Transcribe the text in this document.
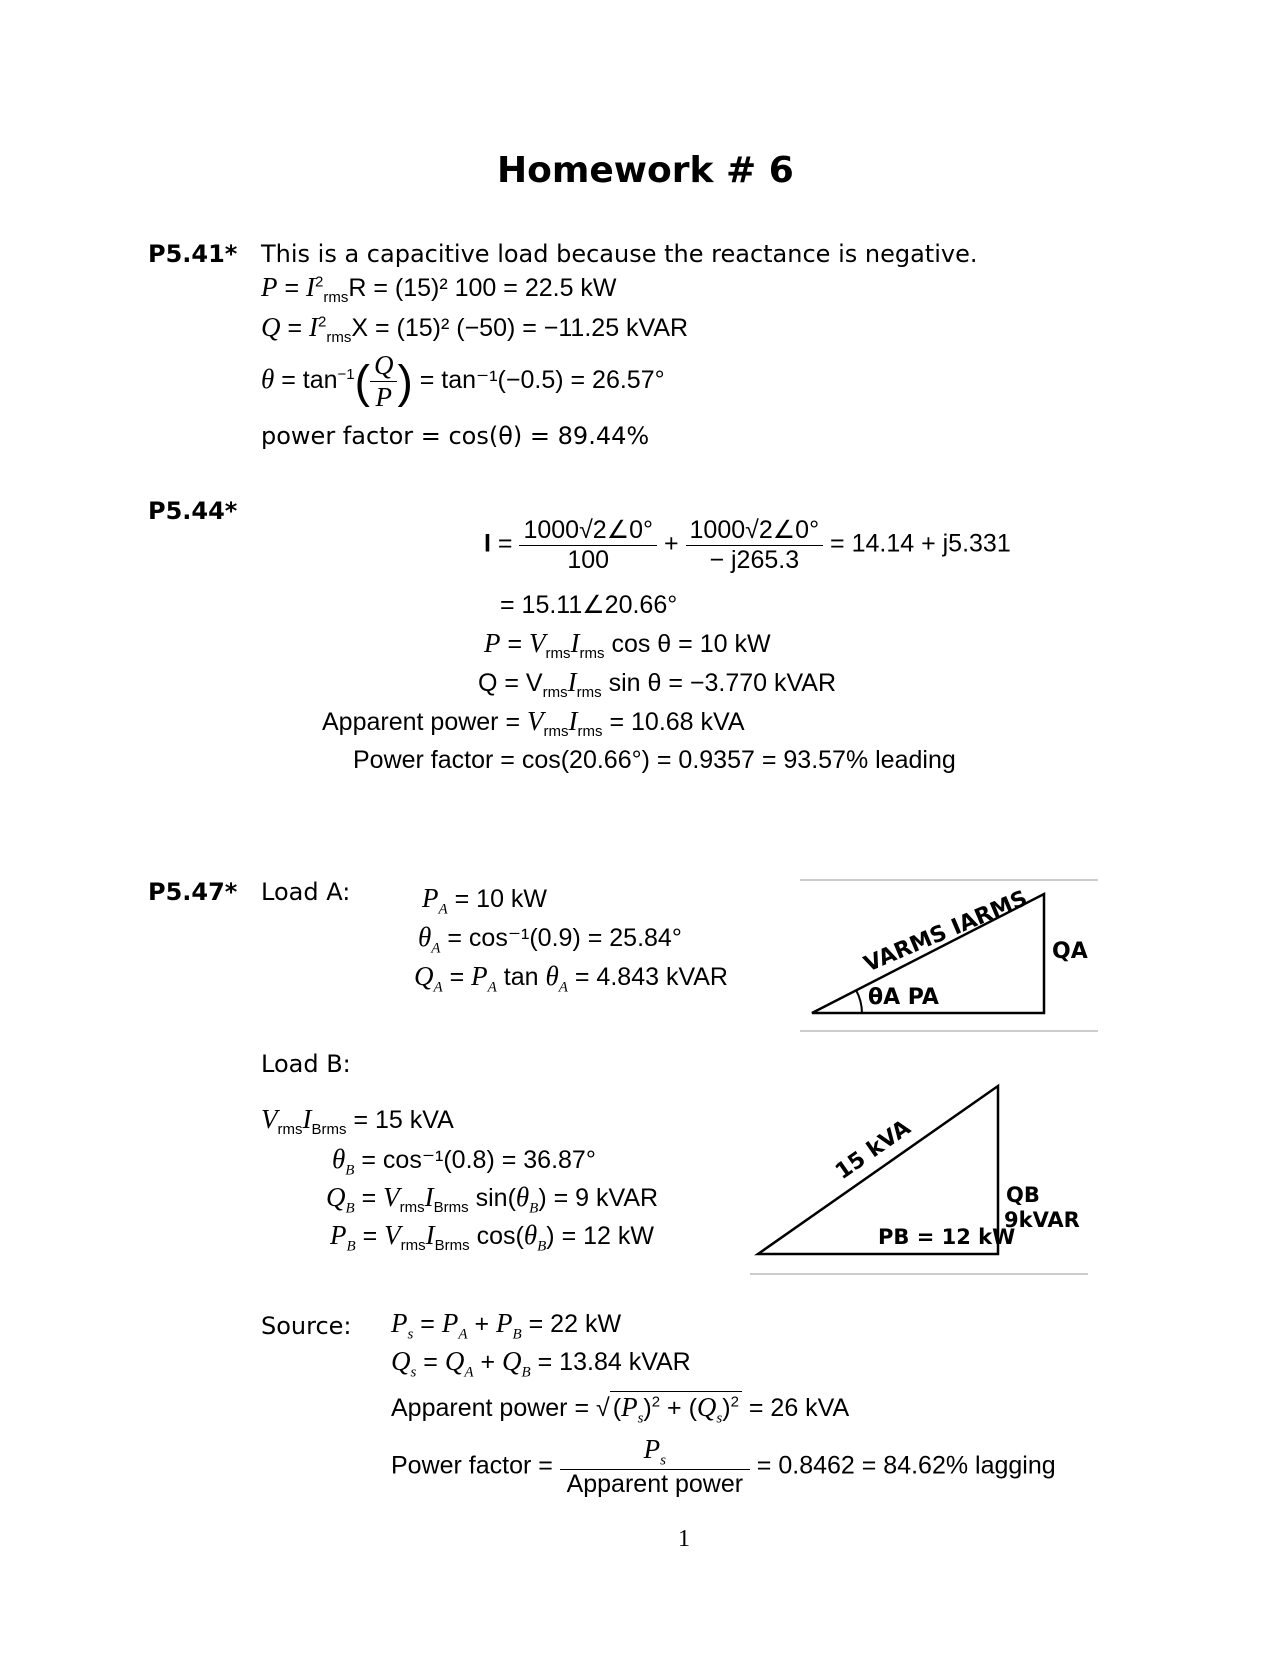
Homework # 6
P5.41* This is a capacitive load because the reactance is negative.
$P = I^2_{rms}R = (15)^2$ 100 = 22.5 kW
$Q = I^2_{rms}X = (15)^2$ (−50) = −11.25 kVAR
$\theta = \tan^{-1}( \frac{Q}{P}$ ) = tan⁻¹(−0.5) = 26.57°
power factor = cos(θ) = 89.44%
P5.44*
$I = \frac{1000√2\angle 0^\circ}{100} + \frac{1000√2\angle 0^\circ}{- j265.3} = 14.14 + j5.331$
= 15.11∠20.66°
$P = V_{rms}I_{rms}$ cos θ = 10 kW
$Q = V_{rms}I_{rms}$ sin θ = −3.770 kVAR
Apparent power = $V_{rms}I_{rms} = 10.68$ kVA
Power factor = cos(20.66°) = 0.9357 = 93.57% leading
P5.47* Load A:	$P_A = 10$ kW
$\theta_A = \cos^{-1}(0.9) = 25.84^\circ$
$Q_A = P_A$ $\tan \theta_A = 4.843$ kVAR	VARMS IARMS
θA PA
QA
Load B:
$V_{rms}I_{Brms} = 15$ kVA
$\theta_B = \cos^{-1}(0.8) = 36.87^\circ$
$Q_B = V_{rms}I_{Brms}$ $\sin(\theta_B) = 9$ kVAR
$P_B = V_{rms}I_{Brms}$ $\cos(\theta_B) = 12$ kW
15 kVA
PB = 12 kW
QB
9kVAR
Source: $P_s = P_A + P_B = 22$ kW
$Q_s = Q_A + Q_B = 13.84$ kVAR
Apparent power = √ $(P_s)^2 + (Q_s)^2 = 26$ kVA
Power factor = $\frac{P_s}{\text{Apparent power}} = 0.8462 = 84.62\%$ lagging
1
